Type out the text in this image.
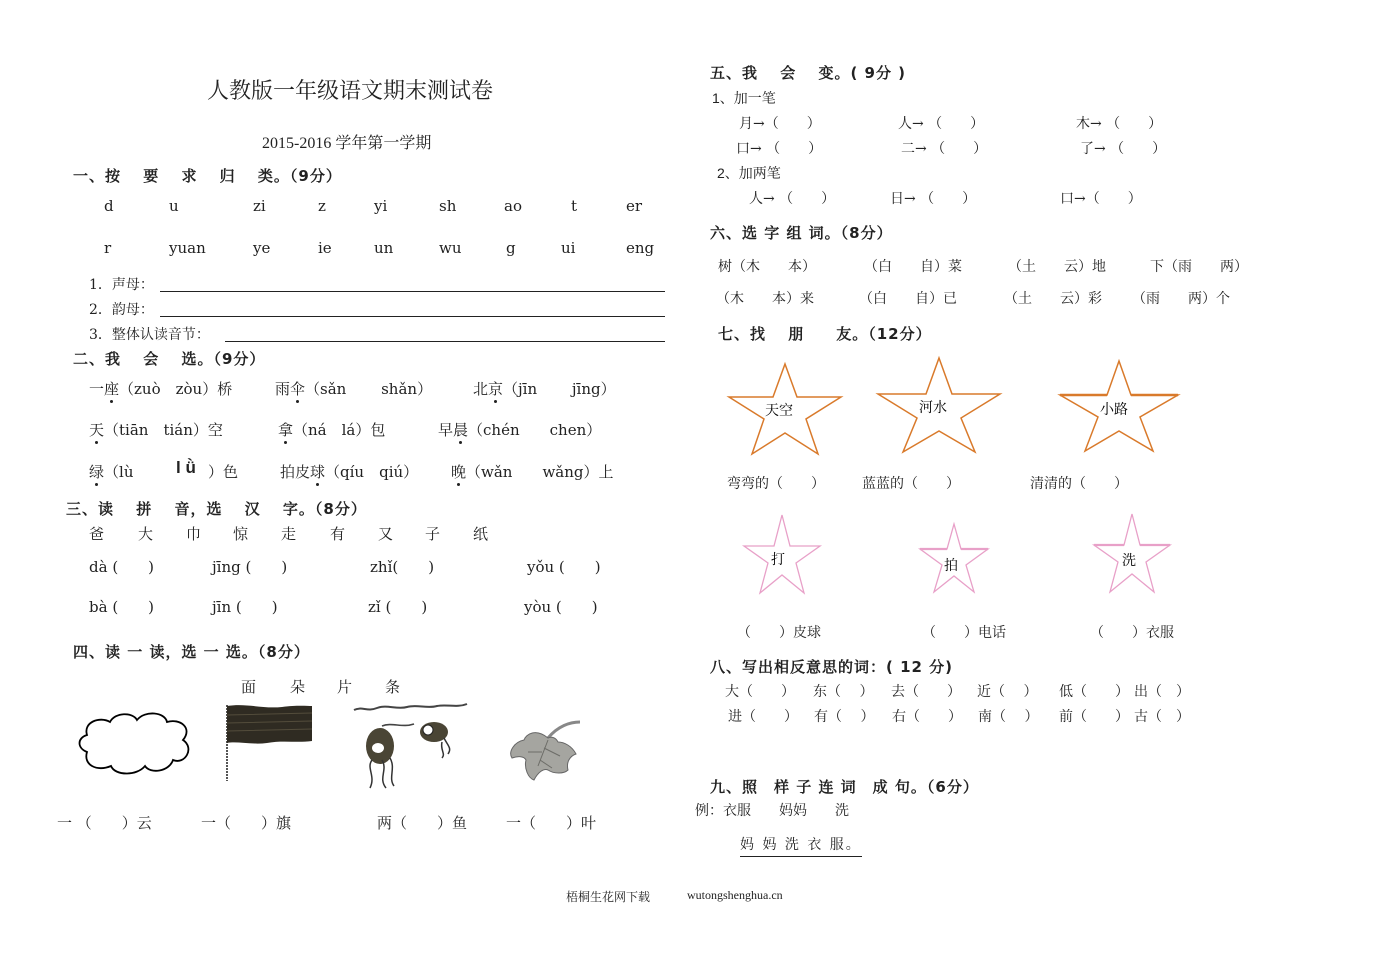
人教版一年级语文期末测试卷
2015-2016 学年第一学期
一、按　 要　 求　 归　 类。（9分）
d	u	zi	z	yi	sh	ao	t	er
r	yuan	ye	ie	un	wu	g	ui	eng
1．声母：
2．韵母：
3．整体认读音节：
二、我　 会　 选。（9分）
一座（zuò　zòu）桥	雨伞（sǎn　　 shǎn）	北京（jīn　　 jīng）
天（tiān　tián）空	拿（ná　lá）包	早晨（chén　　chen）
绿（lù	l ǜ ）色	拍皮球（qíu　qiú） 晚（wǎn　　wǎng）上
三、读　 拼　 音，选　 汉　 字。（8分）
爸 大 巾 惊 走 有 又 子 纸
dà (　　)	jīng (　　)	zhǐ(　　)	yǒu (　　)
bà (　　)	jīn (　　)	zǐ (　　)	yòu (　　)
四、读 一 读，选 一 选。（8分）
面 朵 片 条
一 （　　）云	一（　　）旗	两（　　）鱼	一（　　）叶
五、我　 会　 变。( 9分 )
1、加一笔
月→（　　）	人→ （　　）	木→ （　　）
口→ （　　）	二→ （　　）	了→ （　　）
2、加两笔
人→ （　　）	日→ （　　）	口→（　　）
六、选 字 组 词。（8分）
树（木　　本）	（白　　自）菜	（土　　云）地	下（雨　　两）
（木　　本）来	（白　　自）已	（土　　云）彩 （雨　　两）个
七、找　 朋　　友。（12分）
天空	河水	小路
弯弯的（　　）	蓝蓝的（　　）	清清的（　　）
打	拍	洗
（　　）皮球	（　　）电话	（　　）衣服
八、写出相反意思的词：( 12 分)
大（　　） 东（　 ） 去（　　） 近（　 ） 低（　　） 出（　）
进（　　） 有（　 ） 右（　　） 南（　 ） 前（　　） 古（　）
九、照　样 子 连 词　成 句。（6分）
例：衣服　　妈妈　　洗
妈 妈 洗 衣 服。
梧桐生花网下载	wutongshenghua.cn
